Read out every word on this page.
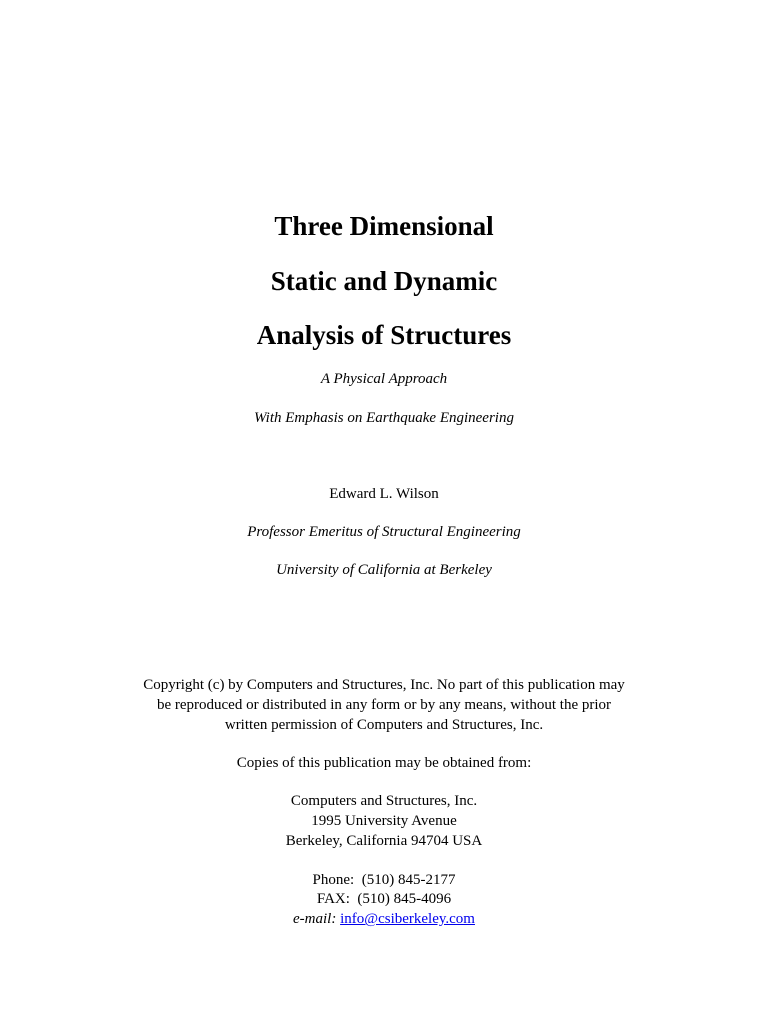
Three Dimensional
Static and Dynamic
Analysis of Structures
A Physical Approach
With Emphasis on Earthquake Engineering
Edward L. Wilson
Professor Emeritus of Structural Engineering
University of California at Berkeley
Copyright (c) by Computers and Structures, Inc. No part of this publication may
be reproduced or distributed in any form or by any means, without the prior
written permission of Computers and Structures, Inc.
Copies of this publication may be obtained from:
Computers and Structures, Inc.
1995 University Avenue
Berkeley, California 94704 USA
Phone:  (510) 845-2177
FAX:  (510) 845-4096
e-mail: info@csiberkeley.com
